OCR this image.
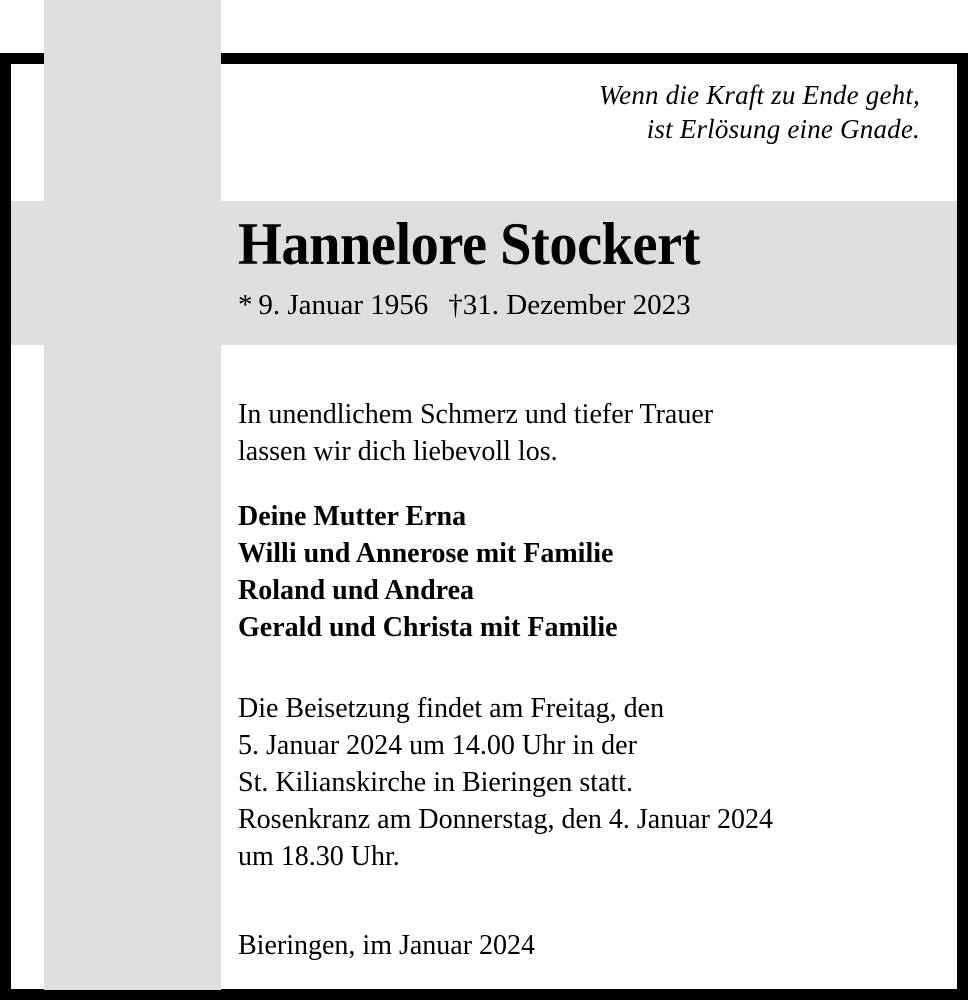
Wenn die Kraft zu Ende geht,
ist Erlösung eine Gnade.
Hannelore Stockert
*  9. Januar 1956 †31. Dezember 2023
In unendlichem Schmerz und tiefer Trauer
lassen wir dich liebevoll los.
Deine Mutter Erna
Willi und Annerose mit Familie
Roland und Andrea
Gerald und Christa mit Familie
Die Beisetzung findet am Freitag, den
5. Januar 2024 um 14.00 Uhr in der
St. Kilianskirche in Bieringen statt.
Rosenkranz am Donnerstag, den 4. Januar 2024
um 18.30 Uhr.
Bieringen, im Januar 2024
